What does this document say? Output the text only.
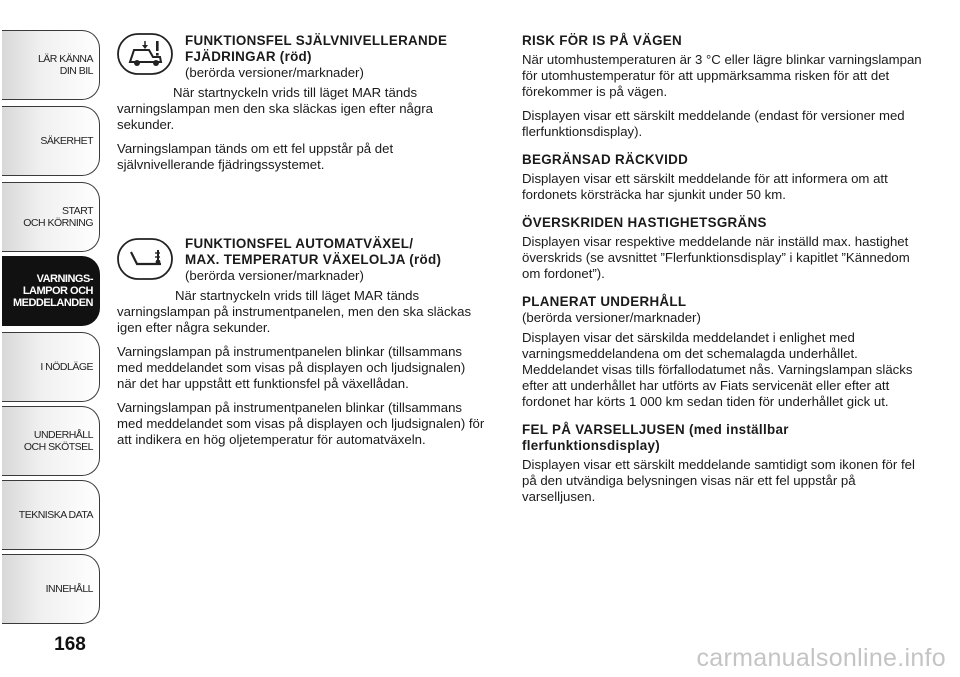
LÄR KÄNNA
DIN BIL
SÄKERHET
START
OCH KÖRNING
VARNINGS-
LAMPOR OCH
MEDDELANDEN
I NÖDLÄGE
UNDERHÅLL
OCH SKÖTSEL
TEKNISKA DATA
INNEHÅLL
168
FUNKTIONSFEL SJÄLVNIVELLERANDE
FJÄDRINGAR (röd)
(berörda versioner/marknader)

När startnyckeln vrids till läget MAR tänds varningslampan men den ska släckas igen efter några sekunder.

Varningslampan tänds om ett fel uppstår på det självnivellerande fjädringssystemet.

FUNKTIONSFEL AUTOMATVÄXEL/
MAX. TEMPERATUR VÄXELOLJA (röd)
(berörda versioner/marknader)

När startnyckeln vrids till läget MAR tänds varningslampan på instrumentpanelen, men den ska släckas igen efter några sekunder.

Varningslampan på instrumentpanelen blinkar (tillsammans med meddelandet som visas på displayen och ljudsignalen) när det har uppstått ett funktionsfel på växellådan.

Varningslampan på instrumentpanelen blinkar (tillsammans med meddelandet som visas på displayen och ljudsignalen) för att indikera en hög oljetemperatur för automatväxeln.

RISK FÖR IS PÅ VÄGEN

När utomhustemperaturen är 3 °C eller lägre blinkar varningslampan för utomhustemperatur för att uppmärksamma risken för att det förekommer is på vägen.

Displayen visar ett särskilt meddelande (endast för versioner med flerfunktionsdisplay).

BEGRÄNSAD RÄCKVIDD

Displayen visar ett särskilt meddelande för att informera om att fordonets körsträcka har sjunkit under 50 km.

ÖVERSKRIDEN HASTIGHETSGRÄNS

Displayen visar respektive meddelande när inställd max. hastighet överskrids (se avsnittet ”Flerfunktionsdisplay” i kapitlet ”Kännedom om fordonet”).

PLANERAT UNDERHÅLL

(berörda versioner/marknader)

Displayen visar det särskilda meddelandet i enlighet med varningsmeddelandena om det schemalagda underhållet. Meddelandet visas tills förfallodatumet nås. Varningslampan släcks efter att underhållet har utförts av Fiats servicenät eller efter att fordonet har körts 1 000 km sedan tiden för underhållet gick ut.

FEL PÅ VARSELLJUSEN (med inställbar flerfunktionsdisplay)

Displayen visar ett särskilt meddelande samtidigt som ikonen för fel på den utvändiga belysningen visas när ett fel uppstår på varselljusen.

carmanualsonline.info
